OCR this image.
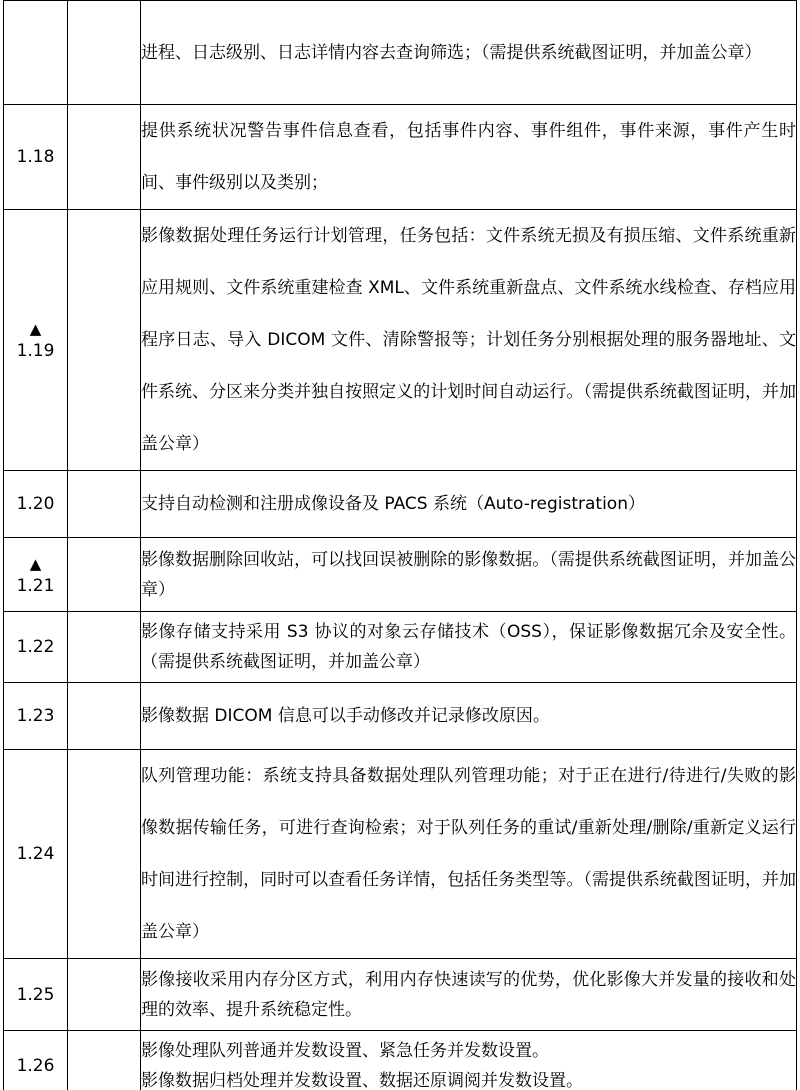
		进程、日志级别、日志详情内容去查询筛选；（需提供系统截图证明，并加盖公章）

1.18		提供系统状况警告事件信息查看，包括事件内容、事件组件，事件来源，事件产生时间、事件级别以及类别；

▲
1.19		影像数据处理任务运行计划管理，任务包括：文件系统无损及有损压缩、文件系统重新应用规则、文件系统重建检查 XML、文件系统重新盘点、文件系统水线检查、存档应用程序日志、导入 DICOM 文件、清除警报等；计划任务分别根据处理的服务器地址、文件系统、分区来分类并独自按照定义的计划时间自动运行。（需提供系统截图证明，并加盖公章）

1.20		支持自动检测和注册成像设备及 PACS 系统（Auto-registration）

▲
1.21		影像数据删除回收站，可以找回误被删除的影像数据。（需提供系统截图证明，并加盖公章）

1.22		影像存储支持采用 S3 协议的对象云存储技术（OSS），保证影像数据冗余及安全性。（需提供系统截图证明，并加盖公章）

1.23		影像数据 DICOM 信息可以手动修改并记录修改原因。

1.24		队列管理功能：系统支持具备数据处理队列管理功能；对于正在进行/待进行/失败的影像数据传输任务，可进行查询检索；对于队列任务的重试/重新处理/删除/重新定义运行时间进行控制，同时可以查看任务详情，包括任务类型等。（需提供系统截图证明，并加盖公章）

1.25		影像接收采用内存分区方式，利用内存快速读写的优势，优化影像大并发量的接收和处理的效率、提升系统稳定性。

1.26		影像处理队列普通并发数设置、紧急任务并发数设置。
影像数据归档处理并发数设置、数据还原调阅并发数设置。
